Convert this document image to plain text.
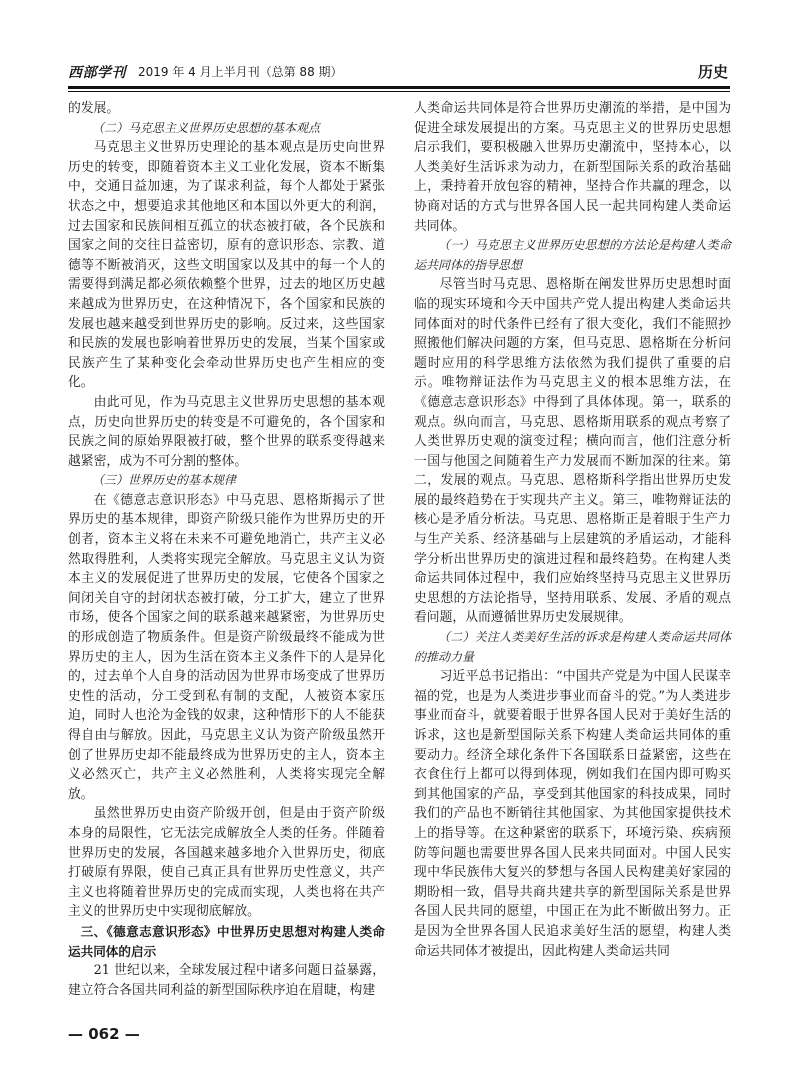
西部学刊 2019 年 4 月上半月刊（总第 88 期）	历史

的发展。

（二）马克思主义世界历史思想的基本观点

马克思主义世界历史理论的基本观点是历史向世界历史的转变，即随着资本主义工业化发展，资本不断集中，交通日益加速，为了谋求利益，每个人都处于紧张状态之中，想要追求其他地区和本国以外更大的利润，过去国家和民族间相互孤立的状态被打破，各个民族和国家之间的交往日益密切，原有的意识形态、宗教、道德等不断被消灭，这些文明国家以及其中的每一个人的需要得到满足都必须依赖整个世界，过去的地区历史越来越成为世界历史，在这种情况下，各个国家和民族的发展也越来越受到世界历史的影响。反过来，这些国家和民族的发展也影响着世界历史的发展，当某个国家或民族产生了某种变化会牵动世界历史也产生相应的变化。

由此可见，作为马克思主义世界历史思想的基本观点，历史向世界历史的转变是不可避免的，各个国家和民族之间的原始界限被打破，整个世界的联系变得越来越紧密，成为不可分割的整体。

（三）世界历史的基本规律

在《德意志意识形态》中马克思、恩格斯揭示了世界历史的基本规律，即资产阶级只能作为世界历史的开创者，资本主义将在未来不可避免地消亡，共产主义必然取得胜利，人类将实现完全解放。马克思主义认为资本主义的发展促进了世界历史的发展，它使各个国家之间闭关自守的封闭状态被打破，分工扩大，建立了世界市场，使各个国家之间的联系越来越紧密，为世界历史的形成创造了物质条件。但是资产阶级最终不能成为世界历史的主人，因为生活在资本主义条件下的人是异化的，过去单个人自身的活动因为世界市场变成了世界历史性的活动，分工受到私有制的支配，人被资本家压迫，同时人也沦为金钱的奴隶，这种情形下的人不能获得自由与解放。因此，马克思主义认为资产阶级虽然开创了世界历史却不能最终成为世界历史的主人，资本主义必然灭亡，共产主义必然胜利，人类将实现完全解放。

虽然世界历史由资产阶级开创，但是由于资产阶级本身的局限性，它无法完成解放全人类的任务。伴随着世界历史的发展，各国越来越多地介入世界历史，彻底打破原有界限，使自己真正具有世界历史性意义，共产主义也将随着世界历史的完成而实现，人类也将在共产主义的世界历史中实现彻底解放。

三、《德意志意识形态》中世界历史思想对构建人类命运共同体的启示

21 世纪以来，全球发展过程中诸多问题日益暴露，建立符合各国共同利益的新型国际秩序迫在眉睫，构建

人类命运共同体是符合世界历史潮流的举措，是中国为促进全球发展提出的方案。马克思主义的世界历史思想启示我们，要积极融入世界历史潮流中，坚持本心，以人类美好生活诉求为动力，在新型国际关系的政治基础上，秉持着开放包容的精神，坚持合作共赢的理念，以协商对话的方式与世界各国人民一起共同构建人类命运共同体。

（一）马克思主义世界历史思想的方法论是构建人类命运共同体的指导思想

尽管当时马克思、恩格斯在阐发世界历史思想时面临的现实环境和今天中国共产党人提出构建人类命运共同体面对的时代条件已经有了很大变化，我们不能照抄照搬他们解决问题的方案，但马克思、恩格斯在分析问题时应用的科学思维方法依然为我们提供了重要的启示。唯物辩证法作为马克思主义的根本思维方法，在《德意志意识形态》中得到了具体体现。第一，联系的观点。纵向而言，马克思、恩格斯用联系的观点考察了人类世界历史观的演变过程；横向而言，他们注意分析一国与他国之间随着生产力发展而不断加深的往来。第二，发展的观点。马克思、恩格斯科学指出世界历史发展的最终趋势在于实现共产主义。第三，唯物辩证法的核心是矛盾分析法。马克思、恩格斯正是着眼于生产力与生产关系、经济基础与上层建筑的矛盾运动，才能科学分析出世界历史的演进过程和最终趋势。在构建人类命运共同体过程中，我们应始终坚持马克思主义世界历史思想的方法论指导，坚持用联系、发展、矛盾的观点看问题，从而遵循世界历史发展规律。

（二）关注人类美好生活的诉求是构建人类命运共同体的推动力量

习近平总书记指出：“中国共产党是为中国人民谋幸福的党，也是为人类进步事业而奋斗的党。”为人类进步事业而奋斗，就要着眼于世界各国人民对于美好生活的诉求，这也是新型国际关系下构建人类命运共同体的重要动力。经济全球化条件下各国联系日益紧密，这些在衣食住行上都可以得到体现，例如我们在国内即可购买到其他国家的产品，享受到其他国家的科技成果，同时我们的产品也不断销往其他国家、为其他国家提供技术上的指导等。在这种紧密的联系下，环境污染、疾病预防等问题也需要世界各国人民来共同面对。中国人民实现中华民族伟大复兴的梦想与各国人民构建美好家园的期盼相一致，倡导共商共建共享的新型国际关系是世界各国人民共同的愿望，中国正在为此不断做出努力。正是因为全世界各国人民追求美好生活的愿望，构建人类命运共同体才被提出，因此构建人类命运共同

— 062 —
